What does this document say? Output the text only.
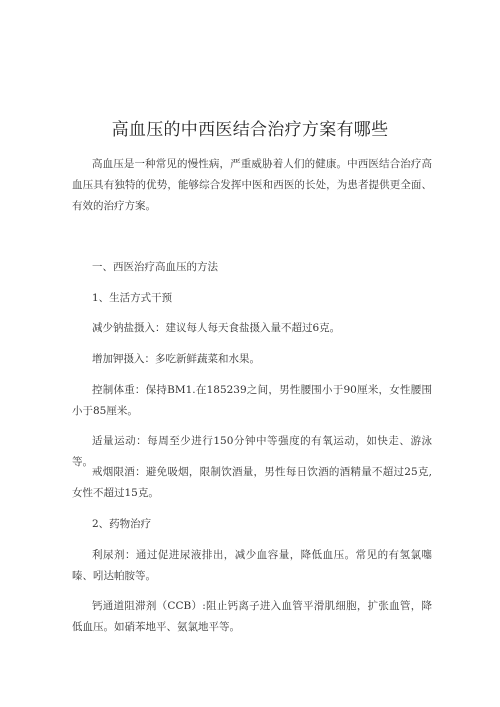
高血压的中西医结合治疗方案有哪些
高血压是一种常见的慢性病，严重威胁着人们的健康。中西医结合治疗高血压具有独特的优势，能够综合发挥中医和西医的长处，为患者提供更全面、有效的治疗方案。
一、西医治疗高血压的方法
1、生活方式干预
减少钠盐摄入：建议每人每天食盐摄入量不超过6克。
增加钾摄入：多吃新鲜蔬菜和水果。
控制体重：保持BM1.在185239之间，男性腰围小于90厘米，女性腰围小于85厘米。
适量运动：每周至少进行150分钟中等强度的有氧运动，如快走、游泳等。
戒烟限酒：避免吸烟，限制饮酒量，男性每日饮酒的酒精量不超过25克, 女性不超过15克。
2、药物治疗
利尿剂：通过促进尿液排出，减少血容量，降低血压。常见的有氢氯噻嗪、吲达帕胺等。
钙通道阻滞剂（CCB）:阻止钙离子进入血管平滑肌细胞，扩张血管，降低血压。如硝苯地平、氨氯地平等。
